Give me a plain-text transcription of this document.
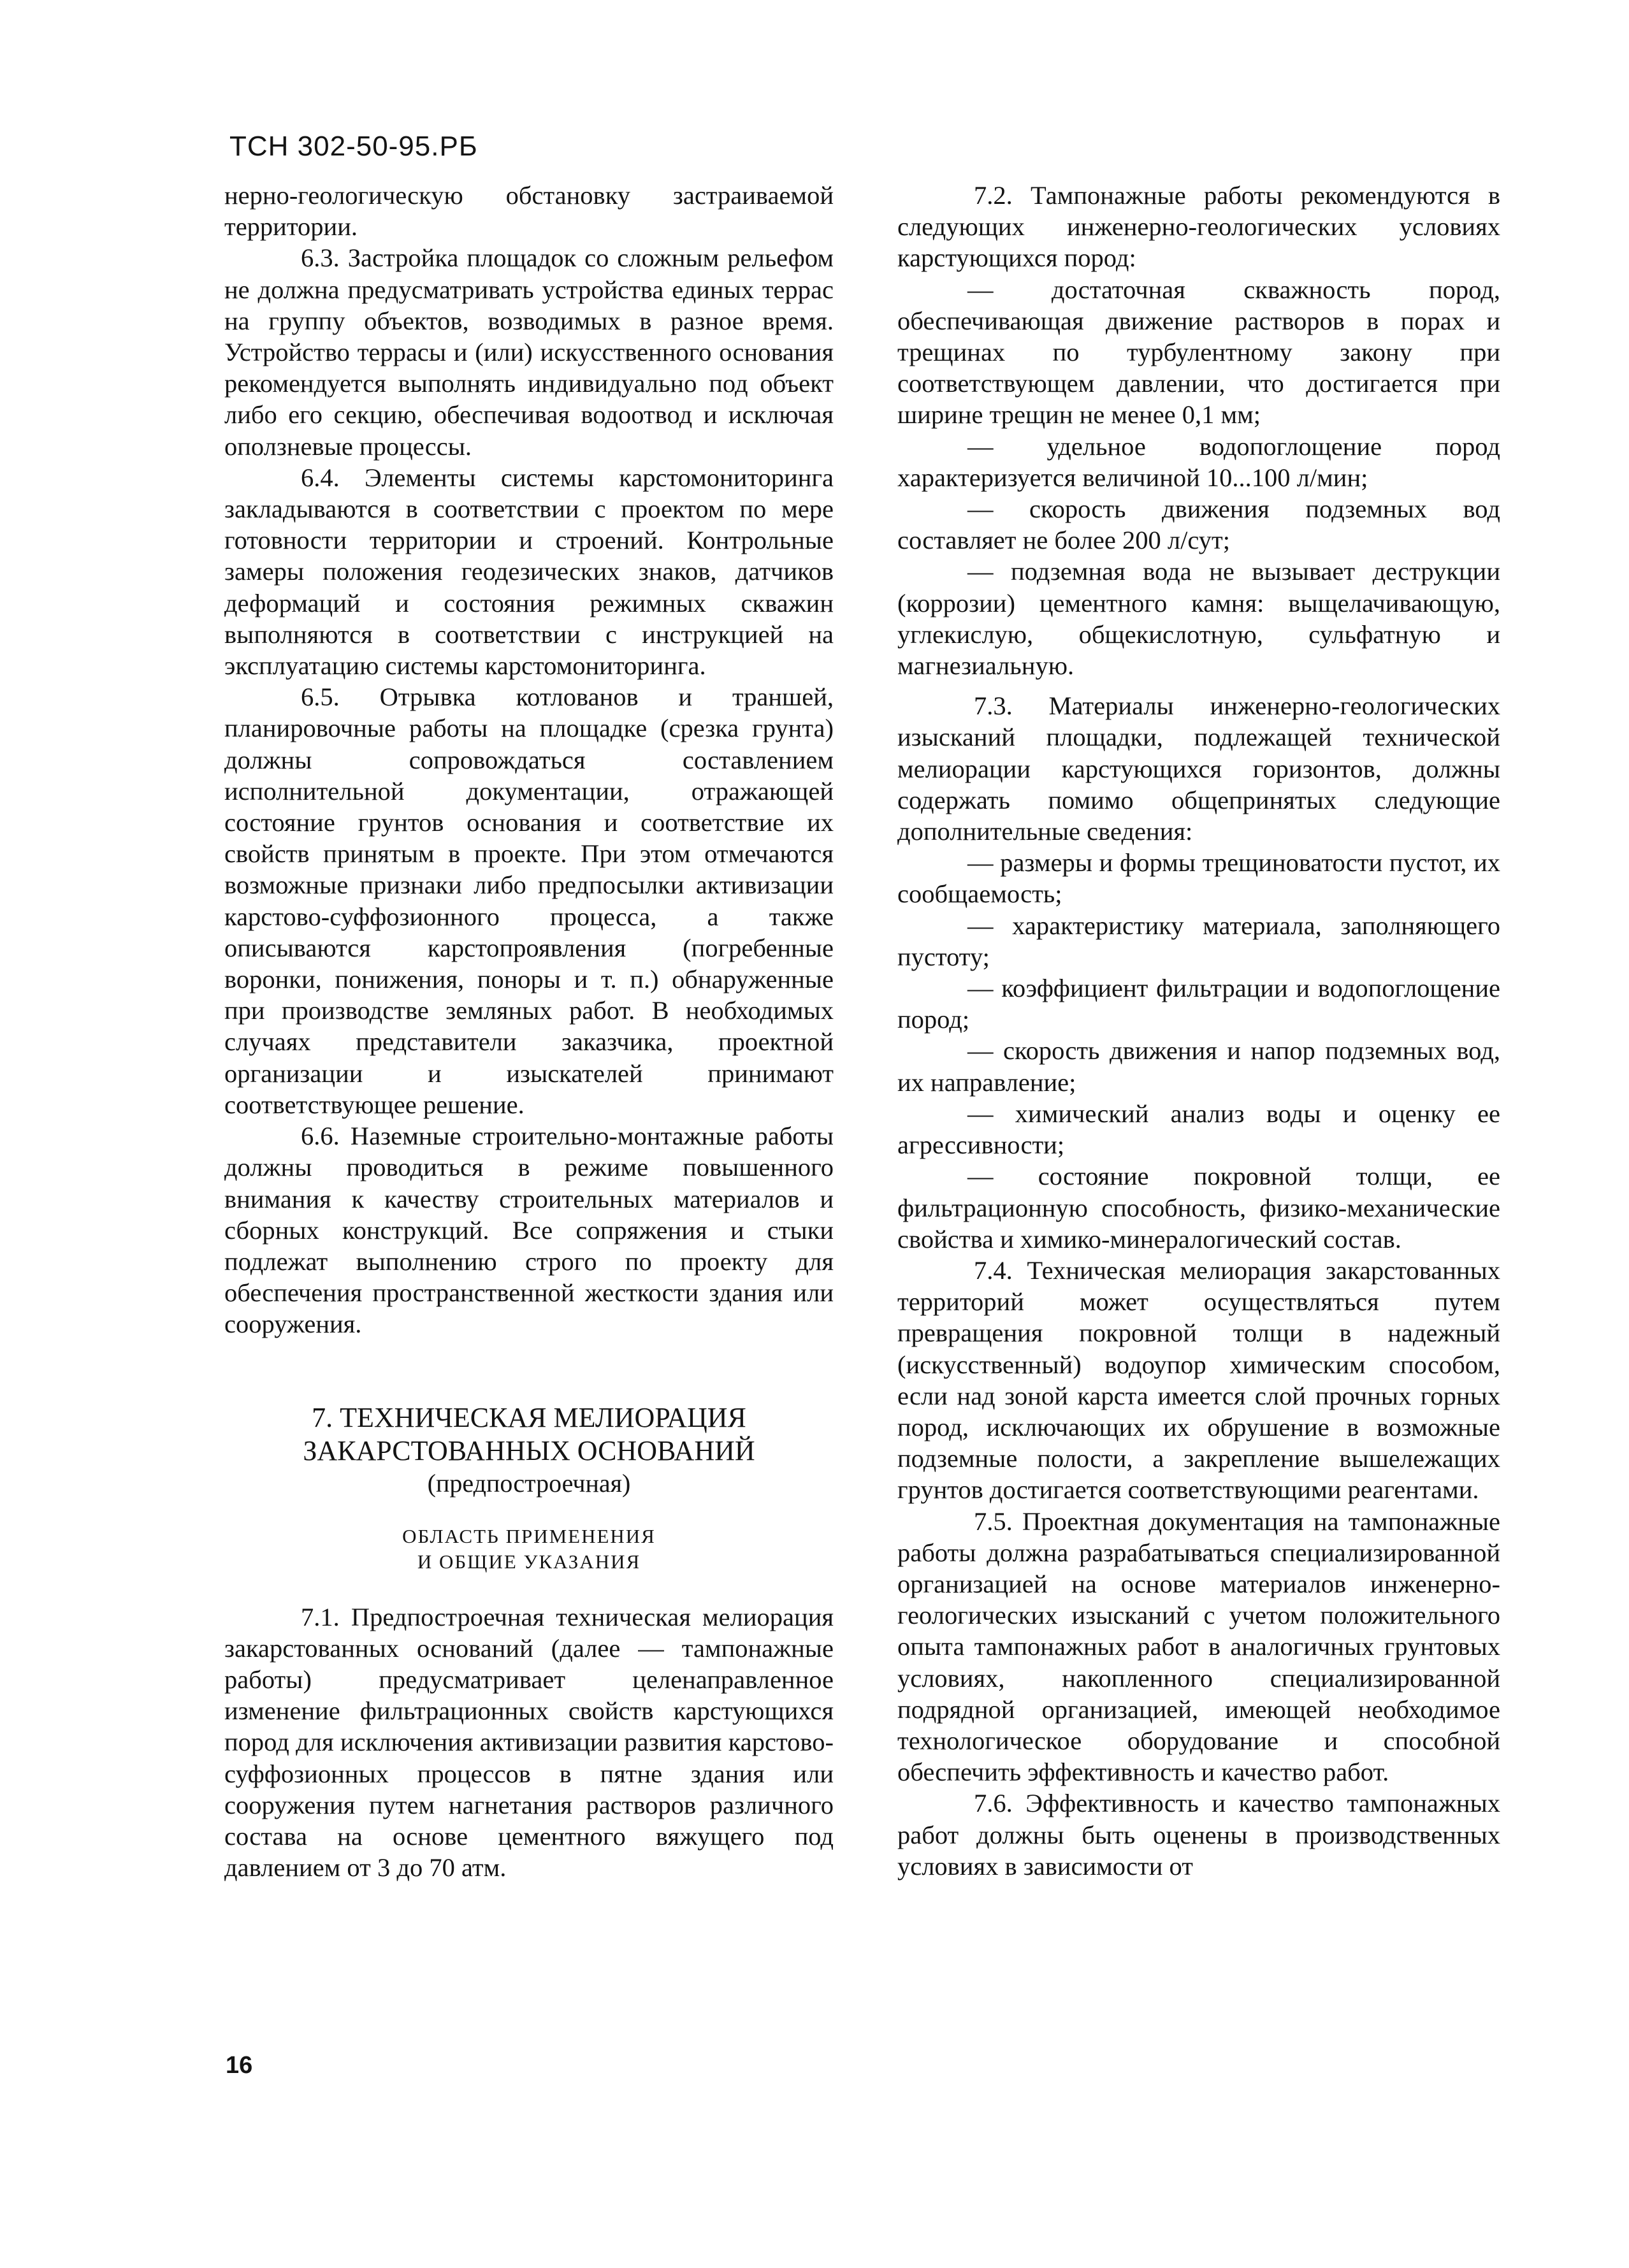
ТСН 302-50-95.РБ

нерно-геологическую обстановку застраиваемой территории.

6.3. Застройка площадок со сложным рельефом не должна предусматривать устройства единых террас на группу объектов, возводимых в разное время. Устройство террасы и (или) искусственного основания рекомендуется выполнять индивидуально под объект либо его секцию, обеспечивая водоотвод и исключая оползневые процессы.

6.4. Элементы системы карстомониторинга закладываются в соответствии с проектом по мере готовности территории и строений. Контрольные замеры положения геодезических знаков, датчиков деформаций и состояния режимных скважин выполняются в соответствии с инструкцией на эксплуатацию системы карстомониторинга.

6.5. Отрывка котлованов и траншей, планировочные работы на площадке (срезка грунта) должны сопровождаться составлением исполнительной документации, отражающей состояние грунтов основания и соответствие их свойств принятым в проекте. При этом отмечаются возможные признаки либо предпосылки активизации карстово-суффозионного процесса, а также описываются карстопроявления (погребенные воронки, понижения, поноры и т. п.) обнаруженные при производстве земляных работ. В необходимых случаях представители заказчика, проектной организации и изыскателей принимают соответствующее решение.

6.6. Наземные строительно-монтажные работы должны проводиться в режиме повышенного внимания к качеству строительных материалов и сборных конструкций. Все сопряжения и стыки подлежат выполнению строго по проекту для обеспечения пространственной жесткости здания или сооружения.

7. ТЕХНИЧЕСКАЯ МЕЛИОРАЦИЯ
ЗАКАРСТОВАННЫХ ОСНОВАНИЙ

(предпостроечная)

ОБЛАСТЬ ПРИМЕНЕНИЯ
И ОБЩИЕ УКАЗАНИЯ

7.1. Предпостроечная техническая мелиорация закарстованных оснований (далее — тампонажные работы) предусматривает целенаправленное изменение фильтрационных свойств карстующихся пород для исключения активизации развития карстово-суффозионных процессов в пятне здания или сооружения путем нагнетания растворов различного состава на основе цементного вяжущего под давлением от 3 до 70 атм.

7.2. Тампонажные работы рекомендуются в следующих инженерно-геологических условиях карстующихся пород:

— достаточная скважность пород, обеспечивающая движение растворов в порах и трещинах по турбулентному закону при соответствующем давлении, что достигается при ширине трещин не менее 0,1 мм;

— удельное водопоглощение пород характеризуется величиной 10...100 л/мин;

— скорость движения подземных вод составляет не более 200 л/сут;

— подземная вода не вызывает деструкции (коррозии) цементного камня: выщелачивающую, углекислую, общекислотную, сульфатную и магнезиальную.

7.3. Материалы инженерно-геологических изысканий площадки, подлежащей технической мелиорации карстующихся горизонтов, должны содержать помимо общепринятых следующие дополнительные сведения:

— размеры и формы трещиноватости пустот, их сообщаемость;

— характеристику материала, заполняющего пустоту;

— коэффициент фильтрации и водопоглощение пород;

— скорость движения и напор подземных вод, их направление;

— химический анализ воды и оценку ее агрессивности;

— состояние покровной толщи, ее фильтрационную способность, физико-механические свойства и химико-минералогический состав.

7.4. Техническая мелиорация закарстованных территорий может осуществляться путем превращения покровной толщи в надежный (искусственный) водоупор химическим способом, если над зоной карста имеется слой прочных горных пород, исключающих их обрушение в возможные подземные полости, а закрепление вышележащих грунтов достигается соответствующими реагентами.

7.5. Проектная документация на тампонажные работы должна разрабатываться специализированной организацией на основе материалов инженерно-геологических изысканий с учетом положительного опыта тампонажных работ в аналогичных грунтовых условиях, накопленного специализированной подрядной организацией, имеющей необходимое технологическое оборудование и способной обеспечить эффективность и качество работ.

7.6. Эффективность и качество тампонажных работ должны быть оценены в производственных условиях в зависимости от

16
